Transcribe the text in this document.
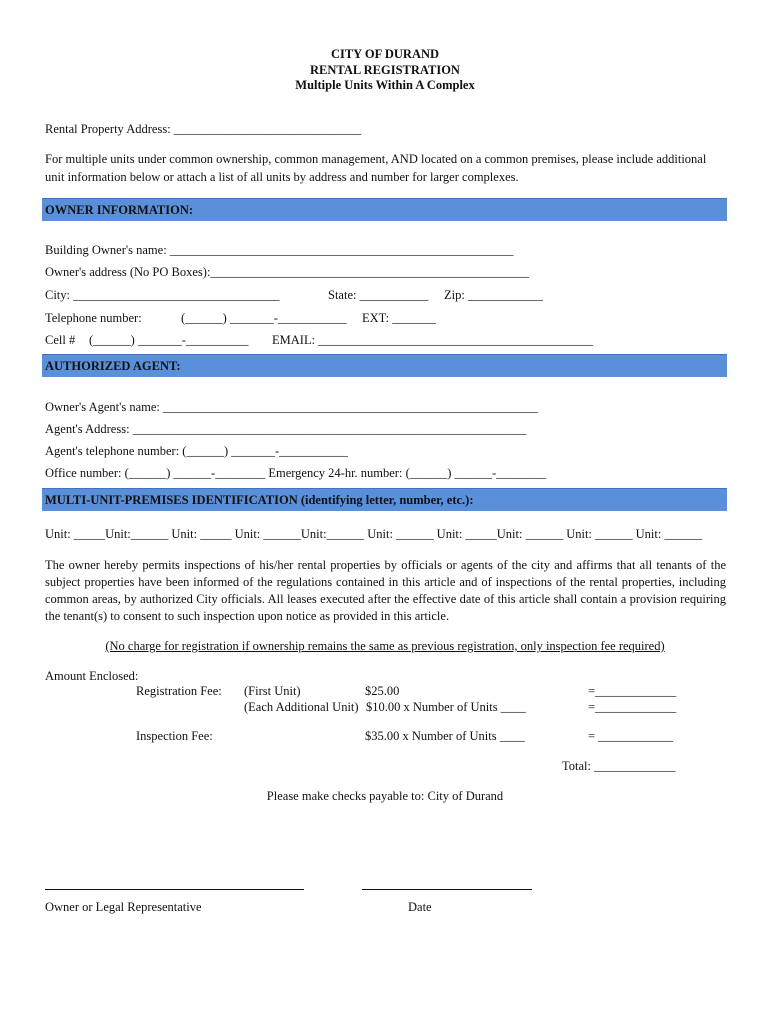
CITY OF DURAND
RENTAL REGISTRATION
Multiple Units Within A Complex
Rental Property Address: ______________________________
For multiple units under common ownership, common management, AND located on a common premises, please include additional
unit information below or attach a list of all units by address and number for larger complexes.
OWNER INFORMATION:
Building Owner's name: _______________________________________________________
Owner's address (No PO Boxes):___________________________________________________
City: _________________________________	State: ___________ Zip: ____________
Telephone number:	(______) _______-___________ EXT: _______
Cell # (______) _______-__________ EMAIL: ____________________________________________
AUTHORIZED AGENT:
Owner's Agent's name: ____________________________________________________________
Agent's Address: _______________________________________________________________
Agent's telephone number: (______) _______-___________
Office number: (______) ______-________ Emergency 24-hr. number: (______) ______-________
MULTI-UNIT-PREMISES IDENTIFICATION (identifying letter, number, etc.):
Unit: _____Unit:______ Unit: _____ Unit: ______Unit:______ Unit: ______ Unit: _____Unit: ______ Unit: ______ Unit: ______
The owner hereby permits inspections of his/her rental properties by officials or agents of the city and affirms that all tenants of the subject properties have been informed of the regulations contained in this article and of inspections of the rental properties, including common areas, by authorized City officials. All leases executed after the effective date of this article shall contain a provision requiring the tenant(s) to consent to such inspection upon notice as provided in this article.
(No charge for registration if ownership remains the same as previous registration, only inspection fee required)
Amount Enclosed:
Registration Fee: (First Unit)	$25.00	=_____________
(Each Additional Unit) $10.00 x Number of Units ____	=_____________
Inspection Fee:	$35.00 x Number of Units ____	= ____________
Total: _____________
Please make checks payable to: City of Durand
Owner or Legal Representative	Date
